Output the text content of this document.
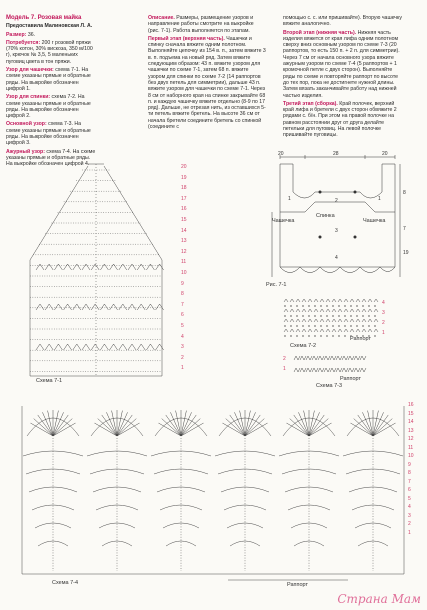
Модель 7. Розовая майка

Предоставила Малиновская Л. А.

Размер: 36.

Потребуется: 200 г розовой пряжи (70% котон, 30% вискоза, 350 м/100 г), крючок № 3,5, 5 маленьких пуговиц цвета в тон пряжи.

Узор для чашечки: схема 7-1. На схеме указаны прямые и обратные ряды. На выкройке обозначен цифрой 1.

Узор для спинки: схема 7-2. На схеме указаны прямые и обратные ряды. На выкройке обозначен цифрой 2.

Основной узор: схема 7-3. На схеме указаны прямые и обратные ряды. На выкройке обозначен цифрой 3.

Ажурный узор: схема 7-4. На схеме указаны прямые и обратные ряды. На выкройке обозначен цифрой 4.

Описание. Размеры, размещение узоров и направление работы смотрите на выкройке (рис. 7-1). Работа выполняется по этапам.

Первый этап (верхняя часть). Чашечки и спинку сначала вяжите одним полотном. Выполняйте цепочку из 154 в. п., затем вяжите 3 в. п. подъема на новый ряд. Затем вяжите следующим образом: 43 п. вяжите узором для чашечки по схеме 7-1, затем 68 п. вяжите узором для спинки по схеме 7-2 (14 раппортов без двух петель для симметрии), дальше 43 п. вяжите узором для чашечки по схеме 7-1. Через 8 см от наборного края на спинке закрывайте 68 п. и каждую чашечку вяжите отдельно (8-9 по 17 ряд). Дальше, не отрезая нить, из оставшихся 5-ти петель вяжите бретель. На высоте 36 см от начала бретели соедините бретель со спинкой (соедините с

помощью с. с. или пришивайте). Вторую чашечку вяжите аналогично.

Второй этап (нижняя часть). Нижняя часть изделия вяжется от края лифа одним полотном сверху вниз основным узором по схеме 7-3 (20 раппортов, то есть 150 п. + 2 п. для симметрии). Через 7 см от начала основного узора вяжите ажурным узором по схеме 7-4 (5 раппортов + 1 кромочной петле с двух сторон). Выполняйте ряды по схеме и повторяйте раппорт по высоте до тех пор, пока не достигнете нужной длины. Затем вязать заканчивайте работу над нижней частью изделия.

Третий этап (сборка). Край полочек, верхний край лифа и бретели с двух сторон обвяжите 2 рядами с. б/н. При этом на правой полочке на равном расстоянии друг от друга делайте петельки для пуговиц. На левой полочке пришивайте пуговицы.

20
19
18
17
16
15
14
13
12
11
10
9
8
7
6
5
4
3
2
1
Схема 7-1
20	28	20
8
7
19
Чашечка
Спинка
Чашечка
1	2	1
3
4
Рис. 7-1
4
3
2
1
Схема 7-2
Раппорт
2
1
Схема 7-3
Раппорт
16
15
14
13
12
11
10
9
8
7
6
5
4
3
2
1
Схема 7-4	Раппорт
Страна Мам
